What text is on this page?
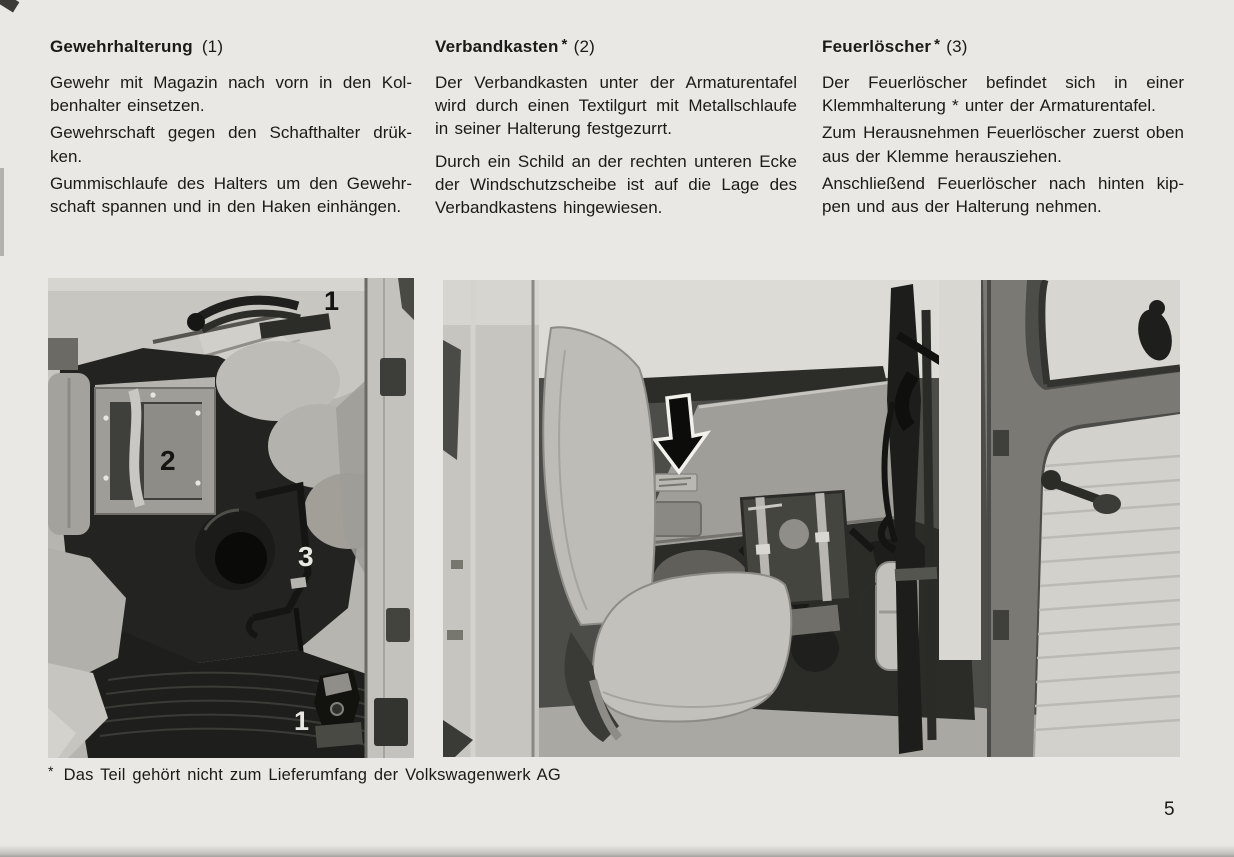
Gewehrhalterung (1)

Gewehr mit Magazin nach vorn in den Kol-
benhalter einsetzen.

Gewehrschaft gegen den Schafthalter drük-
ken.

Gummischlaufe des Halters um den Gewehr-
schaft spannen und in den Haken einhängen.

Verbandkasten * (2)

Der Verbandkasten unter der Armaturentafel
wird durch einen Textilgurt mit Metallschlaufe
in seiner Halterung festgezurrt.

Durch ein Schild an der rechten unteren Ecke
der Windschutzscheibe ist auf die Lage des
Verbandkastens hingewiesen.

Feuerlöscher * (3)

Der Feuerlöscher befindet sich in einer
Klemmhalterung * unter der Armaturentafel.

Zum Herausnehmen Feuerlöscher zuerst oben
aus der Klemme herausziehen.

Anschließend Feuerlöscher nach hinten kip-
pen und aus der Halterung nehmen.

1
2
3
1
* Das Teil gehört nicht zum Lieferumfang der Volkswagenwerk AG
5
